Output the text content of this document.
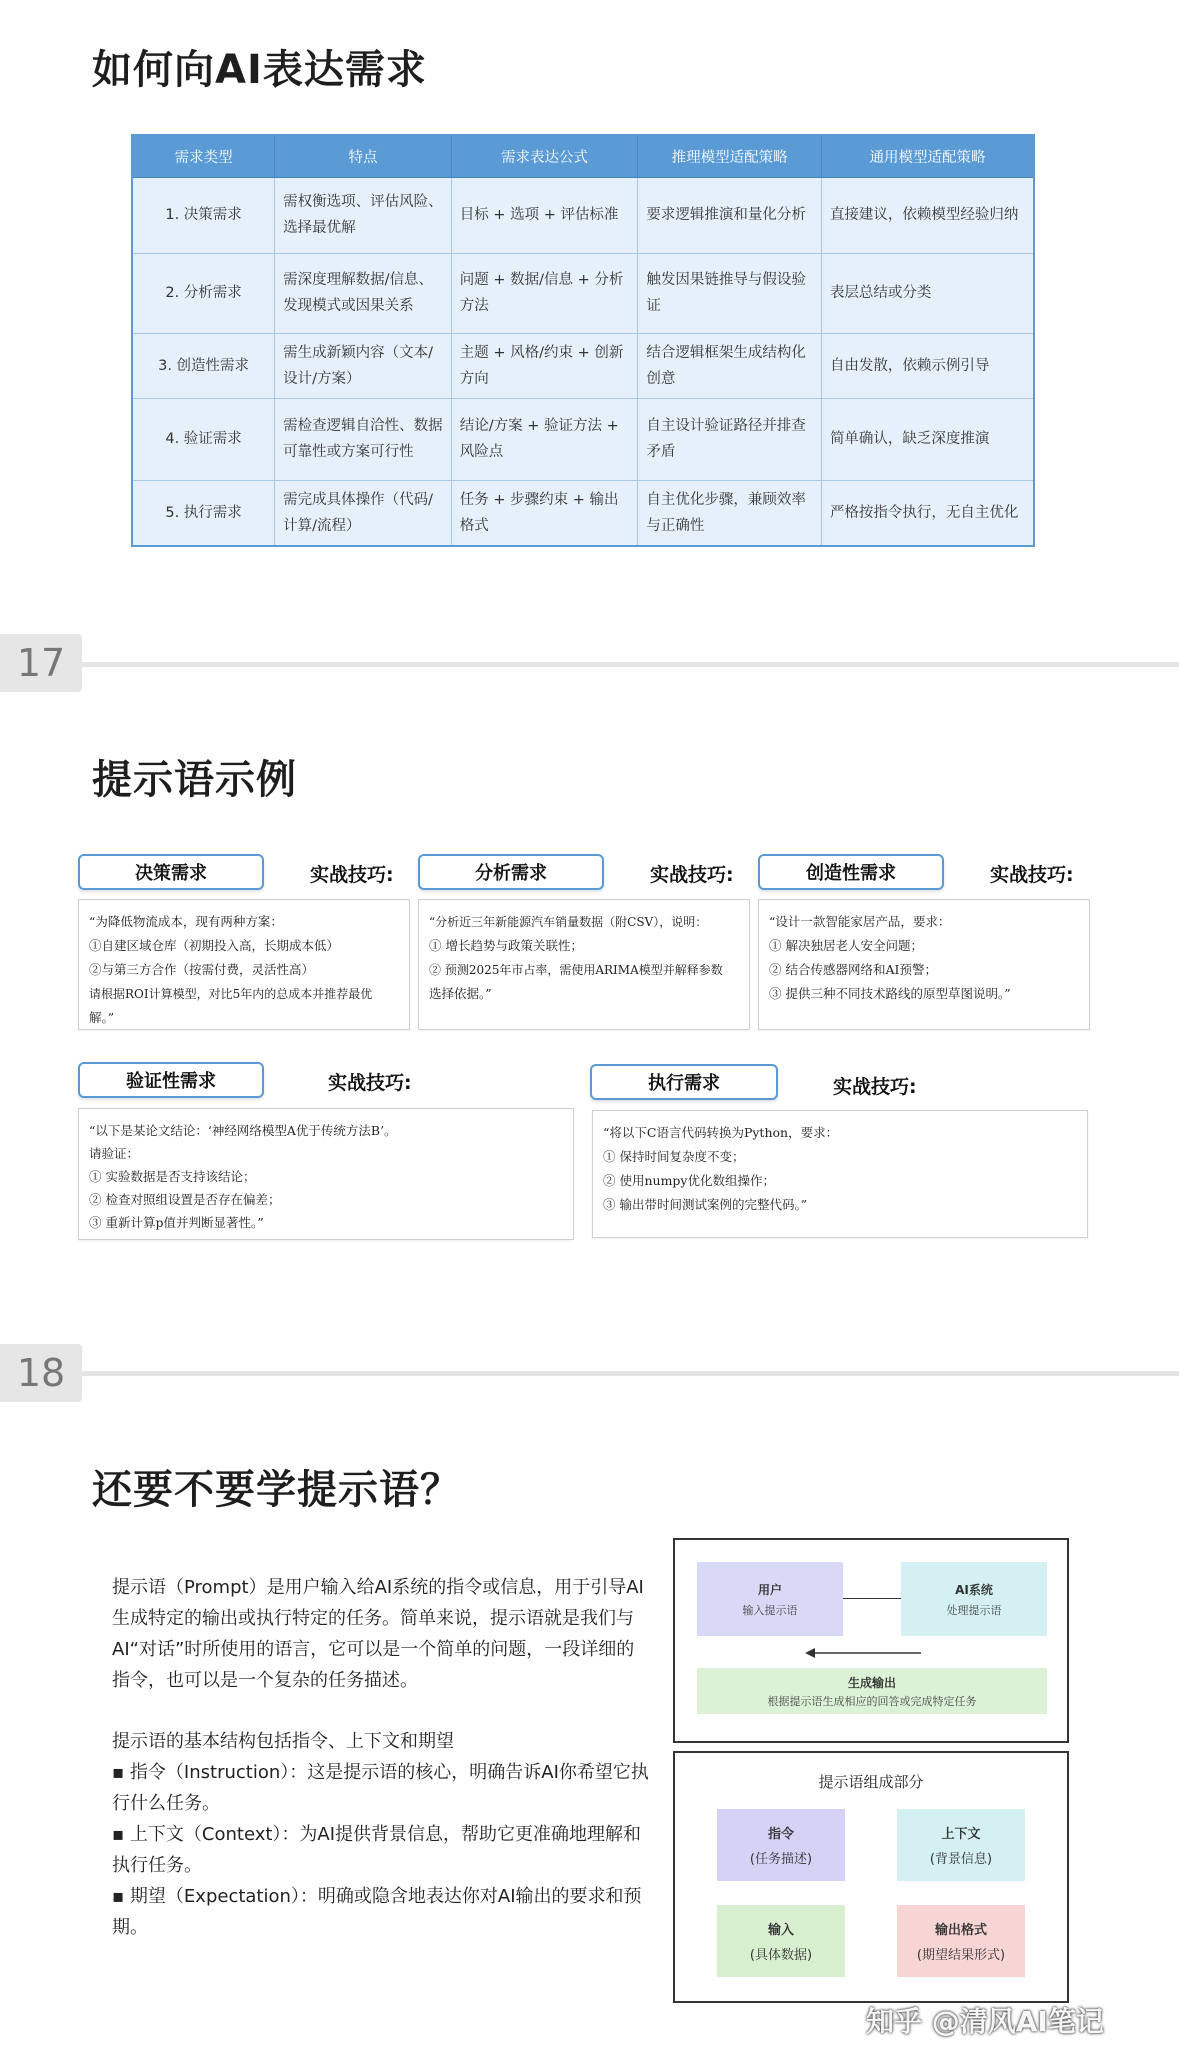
如何向AI表达需求
需求类型	特点	需求表达公式	推理模型适配策略	通用模型适配策略
1. 决策需求	需权衡选项、评估风险、选择最优解	目标 + 选项 + 评估标准	要求逻辑推演和量化分析	直接建议，依赖模型经验归纳
2. 分析需求	需深度理解数据/信息、发现模式或因果关系	问题 + 数据/信息 + 分析方法	触发因果链推导与假设验证	表层总结或分类
3. 创造性需求	需生成新颖内容（文本/设计/方案）	主题 + 风格/约束 + 创新方向	结合逻辑框架生成结构化创意	自由发散，依赖示例引导
4. 验证需求	需检查逻辑自洽性、数据可靠性或方案可行性	结论/方案 + 验证方法 + 风险点	自主设计验证路径并排查矛盾	简单确认，缺乏深度推演
5. 执行需求	需完成具体操作（代码/计算/流程）	任务 + 步骤约束 + 输出格式	自主优化步骤，兼顾效率与正确性	严格按指令执行，无自主优化
17
提示语示例
决策需求	实战技巧:
“为降低物流成本，现有两种方案：
①自建区域仓库（初期投入高，长期成本低）
②与第三方合作（按需付费，灵活性高）
请根据ROI计算模型，对比5年内的总成本并推荐最优
解。”
分析需求	实战技巧:
“分析近三年新能源汽车销量数据（附CSV），说明：
① 增长趋势与政策关联性；
② 预测2025年市占率，需使用ARIMA模型并解释参数
选择依据。”
创造性需求	实战技巧:
“设计一款智能家居产品，要求：
① 解决独居老人安全问题；
② 结合传感器网络和AI预警；
③ 提供三种不同技术路线的原型草图说明。”
验证性需求	实战技巧:
“以下是某论文结论：‘神经网络模型A优于传统方法B’。
请验证：
① 实验数据是否支持该结论；
② 检查对照组设置是否存在偏差；
③ 重新计算p值并判断显著性。”
执行需求	实战技巧:
“将以下C语言代码转换为Python，要求：
① 保持时间复杂度不变；
② 使用numpy优化数组操作；
③ 输出带时间测试案例的完整代码。”
18
还要不要学提示语？

提示语（Prompt）是用户输入给AI系统的指令或信息，用于引导AI生成特定的输出或执行特定的任务。简单来说，提示语就是我们与AI“对话”时所使用的语言，它可以是一个简单的问题，一段详细的指令，也可以是一个复杂的任务描述。

提示语的基本结构包括指令、上下文和期望

▪ 指令（Instruction）：这是提示语的核心，明确告诉AI你希望它执行什么任务。

▪ 上下文（Context）：为AI提供背景信息，帮助它更准确地理解和执行任务。

▪ 期望（Expectation）：明确或隐含地表达你对AI输出的要求和预期。

用户
输入提示语
AI系统
处理提示语
生成输出
根据提示语生成相应的回答或完成特定任务
提示语组成部分
指令
(任务描述)
上下文
(背景信息)
输入
(具体数据)
输出格式
(期望结果形式)
知乎 @清风AI笔记
